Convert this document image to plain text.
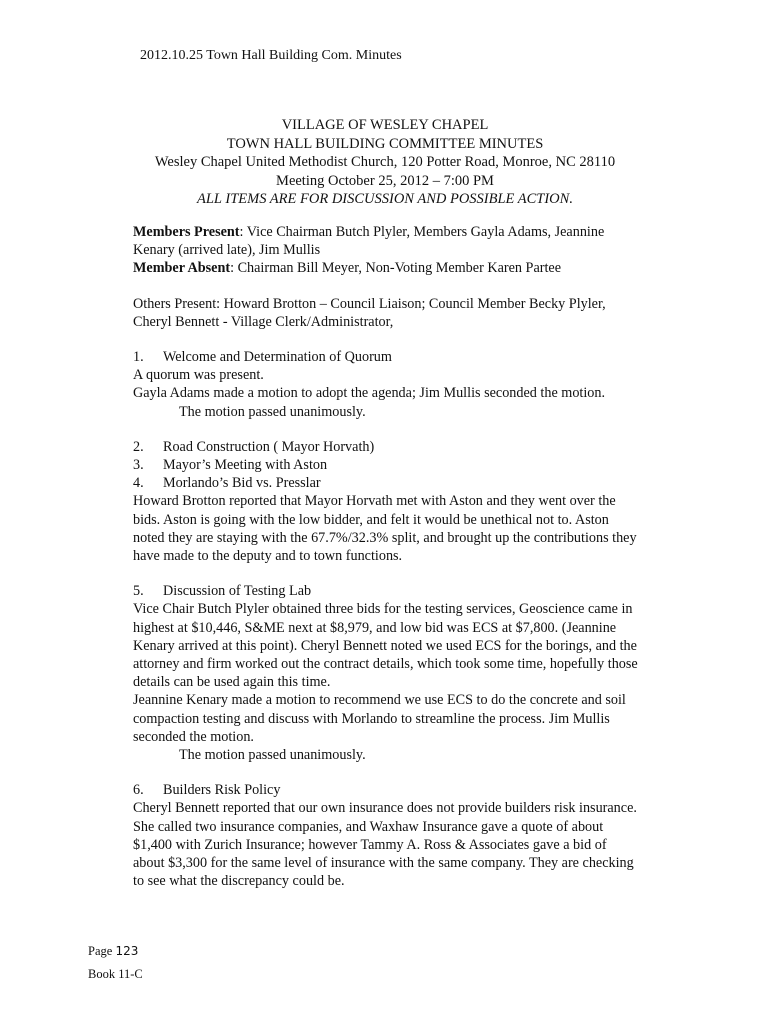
2012.10.25 Town Hall Building Com. Minutes
VILLAGE OF WESLEY CHAPEL
TOWN HALL BUILDING COMMITTEE MINUTES
Wesley Chapel United Methodist Church, 120 Potter Road, Monroe, NC 28110
Meeting October 25, 2012 – 7:00 PM
ALL ITEMS ARE FOR DISCUSSION AND POSSIBLE ACTION.
Members Present: Vice Chairman Butch Plyler, Members Gayla Adams, Jeannine
Kenary (arrived late), Jim Mullis
Member Absent: Chairman Bill Meyer, Non-Voting Member Karen Partee
Others Present: Howard Brotton – Council Liaison; Council Member Becky Plyler,
Cheryl Bennett - Village Clerk/Administrator,
1.	Welcome and Determination of Quorum
A quorum was present.
Gayla Adams made a motion to adopt the agenda; Jim Mullis seconded the motion.
The motion passed unanimously.
2.	Road Construction ( Mayor Horvath)
3.	Mayor’s Meeting with Aston
4.	Morlando’s Bid vs. Presslar
Howard Brotton reported that Mayor Horvath met with Aston and they went over the
bids. Aston is going with the low bidder, and felt it would be unethical not to. Aston
noted they are staying with the 67.7%/32.3% split, and brought up the contributions they
have made to the deputy and to town functions.
5.	Discussion of Testing Lab
Vice Chair Butch Plyler obtained three bids for the testing services, Geoscience came in
highest at $10,446, S&ME next at $8,979, and low bid was ECS at $7,800. (Jeannine
Kenary arrived at this point). Cheryl Bennett noted we used ECS for the borings, and the
attorney and firm worked out the contract details, which took some time, hopefully those
details can be used again this time.
Jeannine Kenary made a motion to recommend we use ECS to do the concrete and soil
compaction testing and discuss with Morlando to streamline the process. Jim Mullis
seconded the motion.
The motion passed unanimously.
6.	Builders Risk Policy
Cheryl Bennett reported that our own insurance does not provide builders risk insurance.
She called two insurance companies, and Waxhaw Insurance gave a quote of about
$1,400 with Zurich Insurance; however Tammy A. Ross & Associates gave a bid of
about $3,300 for the same level of insurance with the same company. They are checking
to see what the discrepancy could be.
Page 123
Book 11-C
